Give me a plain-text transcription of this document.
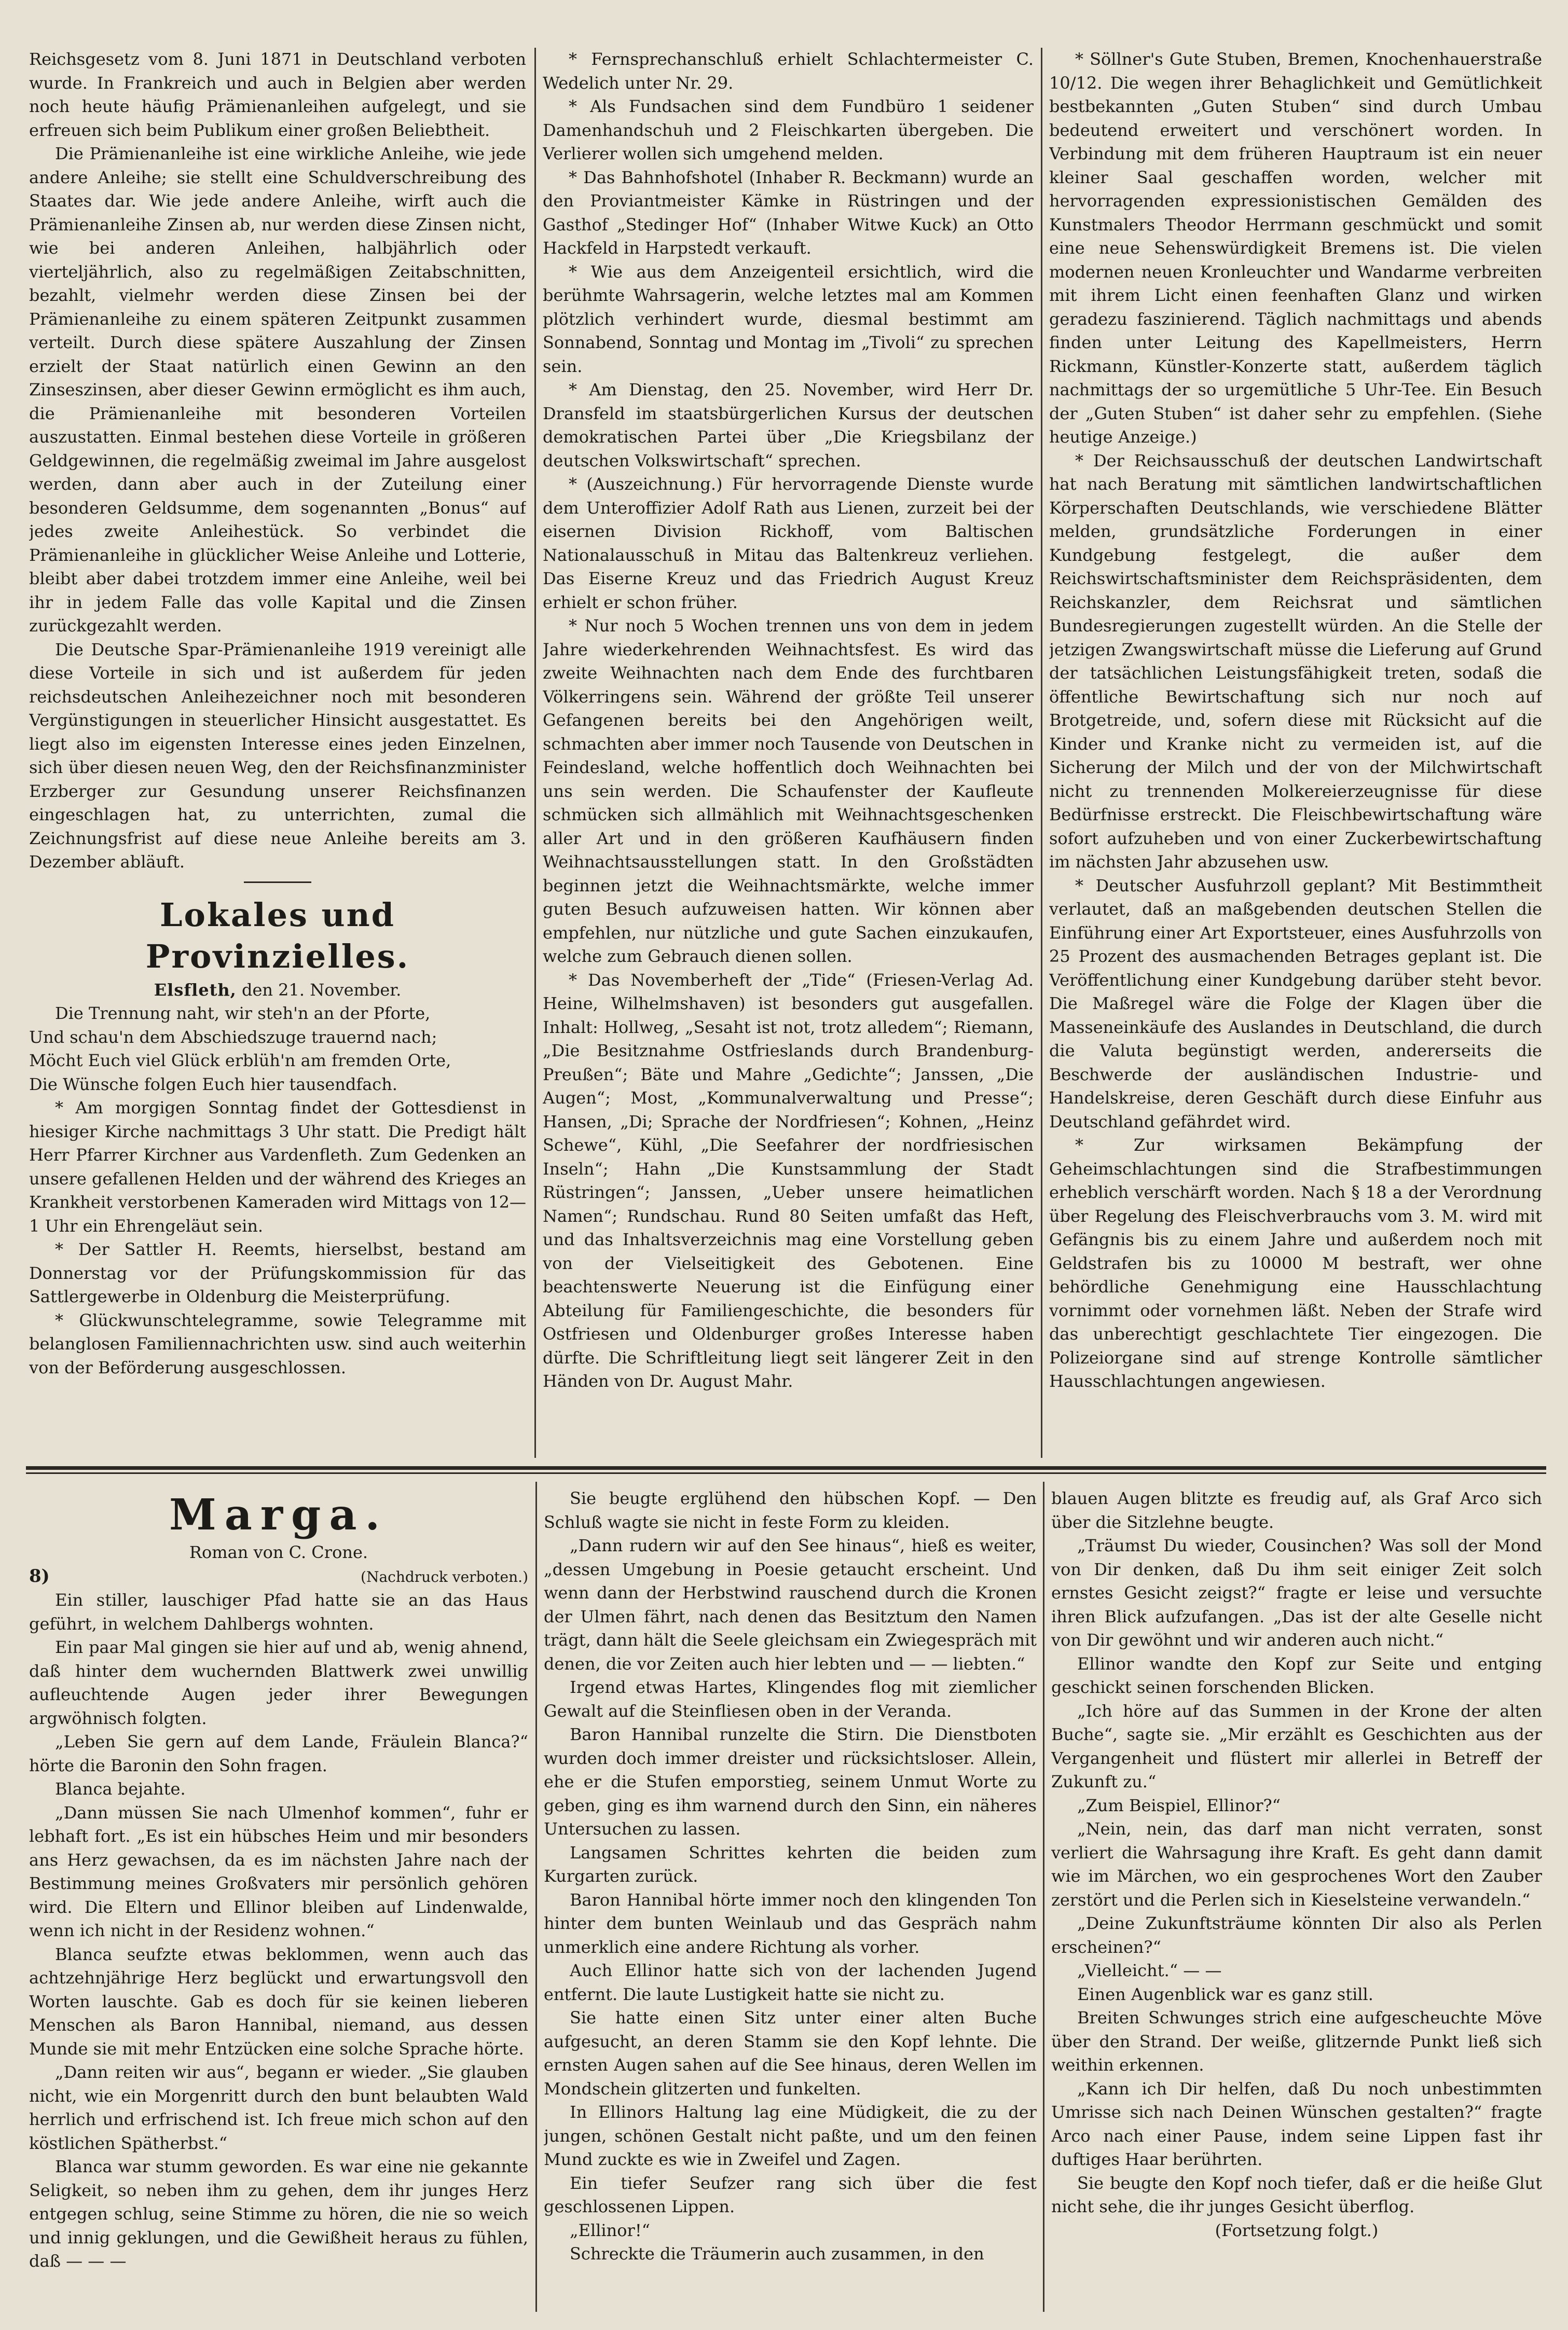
Reichsgesetz vom 8. Juni 1871 in Deutschland verboten wurde. In Frankreich und auch in Belgien aber werden noch heute häufig Prämienanleihen aufgelegt, und sie erfreuen sich beim Publikum einer großen Beliebtheit.

Die Prämienanleihe ist eine wirkliche Anleihe, wie jede andere Anleihe; sie stellt eine Schuldverschreibung des Staates dar. Wie jede andere Anleihe, wirft auch die Prämienanleihe Zinsen ab, nur werden diese Zinsen nicht, wie bei anderen Anleihen, halbjährlich oder vierteljährlich, also zu regelmäßigen Zeitabschnitten, bezahlt, vielmehr werden diese Zinsen bei der Prämienanleihe zu einem späteren Zeitpunkt zusammen verteilt. Durch diese spätere Auszahlung der Zinsen erzielt der Staat natürlich einen Gewinn an den Zinseszinsen, aber dieser Gewinn ermöglicht es ihm auch, die Prämienanleihe mit besonderen Vorteilen auszustatten. Einmal bestehen diese Vorteile in größeren Geldgewinnen, die regelmäßig zweimal im Jahre ausgelost werden, dann aber auch in der Zuteilung einer besonderen Geldsumme, dem sogenannten „Bonus“ auf jedes zweite Anleihestück. So verbindet die Prämienanleihe in glücklicher Weise Anleihe und Lotterie, bleibt aber dabei trotzdem immer eine Anleihe, weil bei ihr in jedem Falle das volle Kapital und die Zinsen zurückgezahlt werden.

Die Deutsche Spar-Prämienanleihe 1919 vereinigt alle diese Vorteile in sich und ist außerdem für jeden reichsdeutschen Anleihezeichner noch mit besonderen Vergünstigungen in steuerlicher Hinsicht ausgestattet. Es liegt also im eigensten Interesse eines jeden Einzelnen, sich über diesen neuen Weg, den der Reichsfinanzminister Erzberger zur Gesundung unserer Reichsfinanzen eingeschlagen hat, zu unterrichten, zumal die Zeichnungsfrist auf diese neue Anleihe bereits am 3. Dezember abläuft.

Lokales und Provinzielles.
Elsfleth, den 21. November.

Die Trennung naht, wir steh'n an der Pforte,

Und schau'n dem Abschiedszuge trauernd nach;

Möcht Euch viel Glück erblüh'n am fremden Orte,

Die Wünsche folgen Euch hier tausendfach.

* Am morgigen Sonntag findet der Gottesdienst in hiesiger Kirche nachmittags 3 Uhr statt. Die Predigt hält Herr Pfarrer Kirchner aus Vardenfleth. Zum Gedenken an unsere gefallenen Helden und der während des Krieges an Krankheit verstorbenen Kameraden wird Mittags von 12—1 Uhr ein Ehrengeläut sein.

* Der Sattler H. Reemts, hierselbst, bestand am Donnerstag vor der Prüfungskommission für das Sattlergewerbe in Oldenburg die Meisterprüfung.

* Glückwunschtelegramme, sowie Telegramme mit belanglosen Familiennachrichten usw. sind auch weiterhin von der Beförderung ausgeschlossen.

* Fernsprechanschluß erhielt Schlachtermeister C. Wedelich unter Nr. 29.

* Als Fundsachen sind dem Fundbüro 1 seidener Damenhandschuh und 2 Fleischkarten übergeben. Die Verlierer wollen sich umgehend melden.

* Das Bahnhofshotel (Inhaber R. Beckmann) wurde an den Proviantmeister Kämke in Rüstringen und der Gasthof „Stedinger Hof“ (Inhaber Witwe Kuck) an Otto Hackfeld in Harpstedt verkauft.

* Wie aus dem Anzeigenteil ersichtlich, wird die berühmte Wahrsagerin, welche letztes mal am Kommen plötzlich verhindert wurde, diesmal bestimmt am Sonnabend, Sonntag und Montag im „Tivoli“ zu sprechen sein.

* Am Dienstag, den 25. November, wird Herr Dr. Dransfeld im staatsbürgerlichen Kursus der deutschen demokratischen Partei über „Die Kriegsbilanz der deutschen Volkswirtschaft“ sprechen.

* (Auszeichnung.) Für hervorragende Dienste wurde dem Unteroffizier Adolf Rath aus Lienen, zurzeit bei der eisernen Division Rickhoff, vom Baltischen Nationalausschuß in Mitau das Baltenkreuz verliehen. Das Eiserne Kreuz und das Friedrich August Kreuz erhielt er schon früher.

* Nur noch 5 Wochen trennen uns von dem in jedem Jahre wiederkehrenden Weihnachtsfest. Es wird das zweite Weihnachten nach dem Ende des furchtbaren Völkerringens sein. Während der größte Teil unserer Gefangenen bereits bei den Angehörigen weilt, schmachten aber immer noch Tausende von Deutschen in Feindesland, welche hoffentlich doch Weihnachten bei uns sein werden. Die Schaufenster der Kaufleute schmücken sich allmählich mit Weihnachtsgeschenken aller Art und in den größeren Kaufhäusern finden Weihnachtsausstellungen statt. In den Großstädten beginnen jetzt die Weihnachtsmärkte, welche immer guten Besuch aufzuweisen hatten. Wir können aber empfehlen, nur nützliche und gute Sachen einzukaufen, welche zum Gebrauch dienen sollen.

* Das Novemberheft der „Tide“ (Friesen-Verlag Ad. Heine, Wilhelmshaven) ist besonders gut ausgefallen. Inhalt: Hollweg, „Sesaht ist not, trotz alledem“; Riemann, „Die Besitznahme Ostfrieslands durch Brandenburg-Preußen“; Bäte und Mahre „Gedichte“; Janssen, „Die Augen“; Most, „Kommunalverwaltung und Presse“; Hansen, „Di; Sprache der Nordfriesen“; Kohnen, „Heinz Schewe“, Kühl, „Die Seefahrer der nordfriesischen Inseln“; Hahn „Die Kunstsammlung der Stadt Rüstringen“; Janssen, „Ueber unsere heimatlichen Namen“; Rundschau. Rund 80 Seiten umfaßt das Heft, und das Inhaltsverzeichnis mag eine Vorstellung geben von der Vielseitigkeit des Gebotenen. Eine beachtenswerte Neuerung ist die Einfügung einer Abteilung für Familiengeschichte, die besonders für Ostfriesen und Oldenburger großes Interesse haben dürfte. Die Schriftleitung liegt seit längerer Zeit in den Händen von Dr. August Mahr.

* Söllner's Gute Stuben, Bremen, Knochenhauerstraße 10/12. Die wegen ihrer Behaglichkeit und Gemütlichkeit bestbekannten „Guten Stuben“ sind durch Umbau bedeutend erweitert und verschönert worden. In Verbindung mit dem früheren Hauptraum ist ein neuer kleiner Saal geschaffen worden, welcher mit hervorragenden expressionistischen Gemälden des Kunstmalers Theodor Herrmann geschmückt und somit eine neue Sehenswürdigkeit Bremens ist. Die vielen modernen neuen Kronleuchter und Wandarme verbreiten mit ihrem Licht einen feenhaften Glanz und wirken geradezu faszinierend. Täglich nachmittags und abends finden unter Leitung des Kapellmeisters, Herrn Rickmann, Künstler-Konzerte statt, außerdem täglich nachmittags der so urgemütliche 5 Uhr-Tee. Ein Besuch der „Guten Stuben“ ist daher sehr zu empfehlen. (Siehe heutige Anzeige.)

* Der Reichsausschuß der deutschen Landwirtschaft hat nach Beratung mit sämtlichen landwirtschaftlichen Körperschaften Deutschlands, wie verschiedene Blätter melden, grundsätzliche Forderungen in einer Kundgebung festgelegt, die außer dem Reichswirtschaftsminister dem Reichspräsidenten, dem Reichskanzler, dem Reichsrat und sämtlichen Bundesregierungen zugestellt würden. An die Stelle der jetzigen Zwangswirtschaft müsse die Lieferung auf Grund der tatsächlichen Leistungsfähigkeit treten, sodaß die öffentliche Bewirtschaftung sich nur noch auf Brotgetreide, und, sofern diese mit Rücksicht auf die Kinder und Kranke nicht zu vermeiden ist, auf die Sicherung der Milch und der von der Milchwirtschaft nicht zu trennenden Molkereierzeugnisse für diese Bedürfnisse erstreckt. Die Fleischbewirtschaftung wäre sofort aufzuheben und von einer Zuckerbewirtschaftung im nächsten Jahr abzusehen usw.

* Deutscher Ausfuhrzoll geplant? Mit Bestimmtheit verlautet, daß an maßgebenden deutschen Stellen die Einführung einer Art Exportsteuer, eines Ausfuhrzolls von 25 Prozent des ausmachenden Betrages geplant ist. Die Veröffentlichung einer Kundgebung darüber steht bevor. Die Maßregel wäre die Folge der Klagen über die Masseneinkäufe des Auslandes in Deutschland, die durch die Valuta begünstigt werden, andererseits die Beschwerde der ausländischen Industrie- und Handelskreise, deren Geschäft durch diese Einfuhr aus Deutschland gefährdet wird.

* Zur wirksamen Bekämpfung der Geheimschlachtungen sind die Strafbestimmungen erheblich verschärft worden. Nach § 18 a der Verordnung über Regelung des Fleischverbrauchs vom 3. M. wird mit Gefängnis bis zu einem Jahre und außerdem noch mit Geldstrafen bis zu 10000 M bestraft, wer ohne behördliche Genehmigung eine Hausschlachtung vornimmt oder vornehmen läßt. Neben der Strafe wird das unberechtigt geschlachtete Tier eingezogen. Die Polizeiorgane sind auf strenge Kontrolle sämtlicher Hausschlachtungen angewiesen.

Marga.
Roman von C. Crone.
8)	(Nachdruck verboten.)

Ein stiller, lauschiger Pfad hatte sie an das Haus geführt, in welchem Dahlbergs wohnten.

Ein paar Mal gingen sie hier auf und ab, wenig ahnend, daß hinter dem wuchernden Blattwerk zwei unwillig aufleuchtende Augen jeder ihrer Bewegungen argwöhnisch folgten.

„Leben Sie gern auf dem Lande, Fräulein Blanca?“ hörte die Baronin den Sohn fragen.

Blanca bejahte.

„Dann müssen Sie nach Ulmenhof kommen“, fuhr er lebhaft fort. „Es ist ein hübsches Heim und mir besonders ans Herz gewachsen, da es im nächsten Jahre nach der Bestimmung meines Großvaters mir persönlich gehören wird. Die Eltern und Ellinor bleiben auf Lindenwalde, wenn ich nicht in der Residenz wohnen.“

Blanca seufzte etwas beklommen, wenn auch das achtzehnjährige Herz beglückt und erwartungsvoll den Worten lauschte. Gab es doch für sie keinen lieberen Menschen als Baron Hannibal, niemand, aus dessen Munde sie mit mehr Entzücken eine solche Sprache hörte.

„Dann reiten wir aus“, begann er wieder. „Sie glauben nicht, wie ein Morgenritt durch den bunt belaubten Wald herrlich und erfrischend ist. Ich freue mich schon auf den köstlichen Spätherbst.“

Blanca war stumm geworden. Es war eine nie gekannte Seligkeit, so neben ihm zu gehen, dem ihr junges Herz entgegen schlug, seine Stimme zu hören, die nie so weich und innig geklungen, und die Gewißheit heraus zu fühlen, daß — — —

Sie beugte erglühend den hübschen Kopf. — Den Schluß wagte sie nicht in feste Form zu kleiden.

„Dann rudern wir auf den See hinaus“, hieß es weiter, „dessen Umgebung in Poesie getaucht erscheint. Und wenn dann der Herbstwind rauschend durch die Kronen der Ulmen fährt, nach denen das Besitztum den Namen trägt, dann hält die Seele gleichsam ein Zwiegespräch mit denen, die vor Zeiten auch hier lebten und — — liebten.“

Irgend etwas Hartes, Klingendes flog mit ziemlicher Gewalt auf die Steinfliesen oben in der Veranda.

Baron Hannibal runzelte die Stirn. Die Dienstboten wurden doch immer dreister und rücksichtsloser. Allein, ehe er die Stufen emporstieg, seinem Unmut Worte zu geben, ging es ihm warnend durch den Sinn, ein näheres Untersuchen zu lassen.

Langsamen Schrittes kehrten die beiden zum Kurgarten zurück.

Baron Hannibal hörte immer noch den klingenden Ton hinter dem bunten Weinlaub und das Gespräch nahm unmerklich eine andere Richtung als vorher.

Auch Ellinor hatte sich von der lachenden Jugend entfernt. Die laute Lustigkeit hatte sie nicht zu.

Sie hatte einen Sitz unter einer alten Buche aufgesucht, an deren Stamm sie den Kopf lehnte. Die ernsten Augen sahen auf die See hinaus, deren Wellen im Mondschein glitzerten und funkelten.

In Ellinors Haltung lag eine Müdigkeit, die zu der jungen, schönen Gestalt nicht paßte, und um den feinen Mund zuckte es wie in Zweifel und Zagen.

Ein tiefer Seufzer rang sich über die fest geschlossenen Lippen.

„Ellinor!“

Schreckte die Träumerin auch zusammen, in den

blauen Augen blitzte es freudig auf, als Graf Arco sich über die Sitzlehne beugte.

„Träumst Du wieder, Cousinchen? Was soll der Mond von Dir denken, daß Du ihm seit einiger Zeit solch ernstes Gesicht zeigst?“ fragte er leise und versuchte ihren Blick aufzufangen. „Das ist der alte Geselle nicht von Dir gewöhnt und wir anderen auch nicht.“

Ellinor wandte den Kopf zur Seite und entging geschickt seinen forschenden Blicken.

„Ich höre auf das Summen in der Krone der alten Buche“, sagte sie. „Mir erzählt es Geschichten aus der Vergangenheit und flüstert mir allerlei in Betreff der Zukunft zu.“

„Zum Beispiel, Ellinor?“

„Nein, nein, das darf man nicht verraten, sonst verliert die Wahrsagung ihre Kraft. Es geht dann damit wie im Märchen, wo ein gesprochenes Wort den Zauber zerstört und die Perlen sich in Kieselsteine verwandeln.“

„Deine Zukunftsträume könnten Dir also als Perlen erscheinen?“

„Vielleicht.“ — —

Einen Augenblick war es ganz still.

Breiten Schwunges strich eine aufgescheuchte Möve über den Strand. Der weiße, glitzernde Punkt ließ sich weithin erkennen.

„Kann ich Dir helfen, daß Du noch unbestimmten Umrisse sich nach Deinen Wünschen gestalten?“ fragte Arco nach einer Pause, indem seine Lippen fast ihr duftiges Haar berührten.

Sie beugte den Kopf noch tiefer, daß er die heiße Glut nicht sehe, die ihr junges Gesicht überflog.

(Fortsetzung folgt.)
